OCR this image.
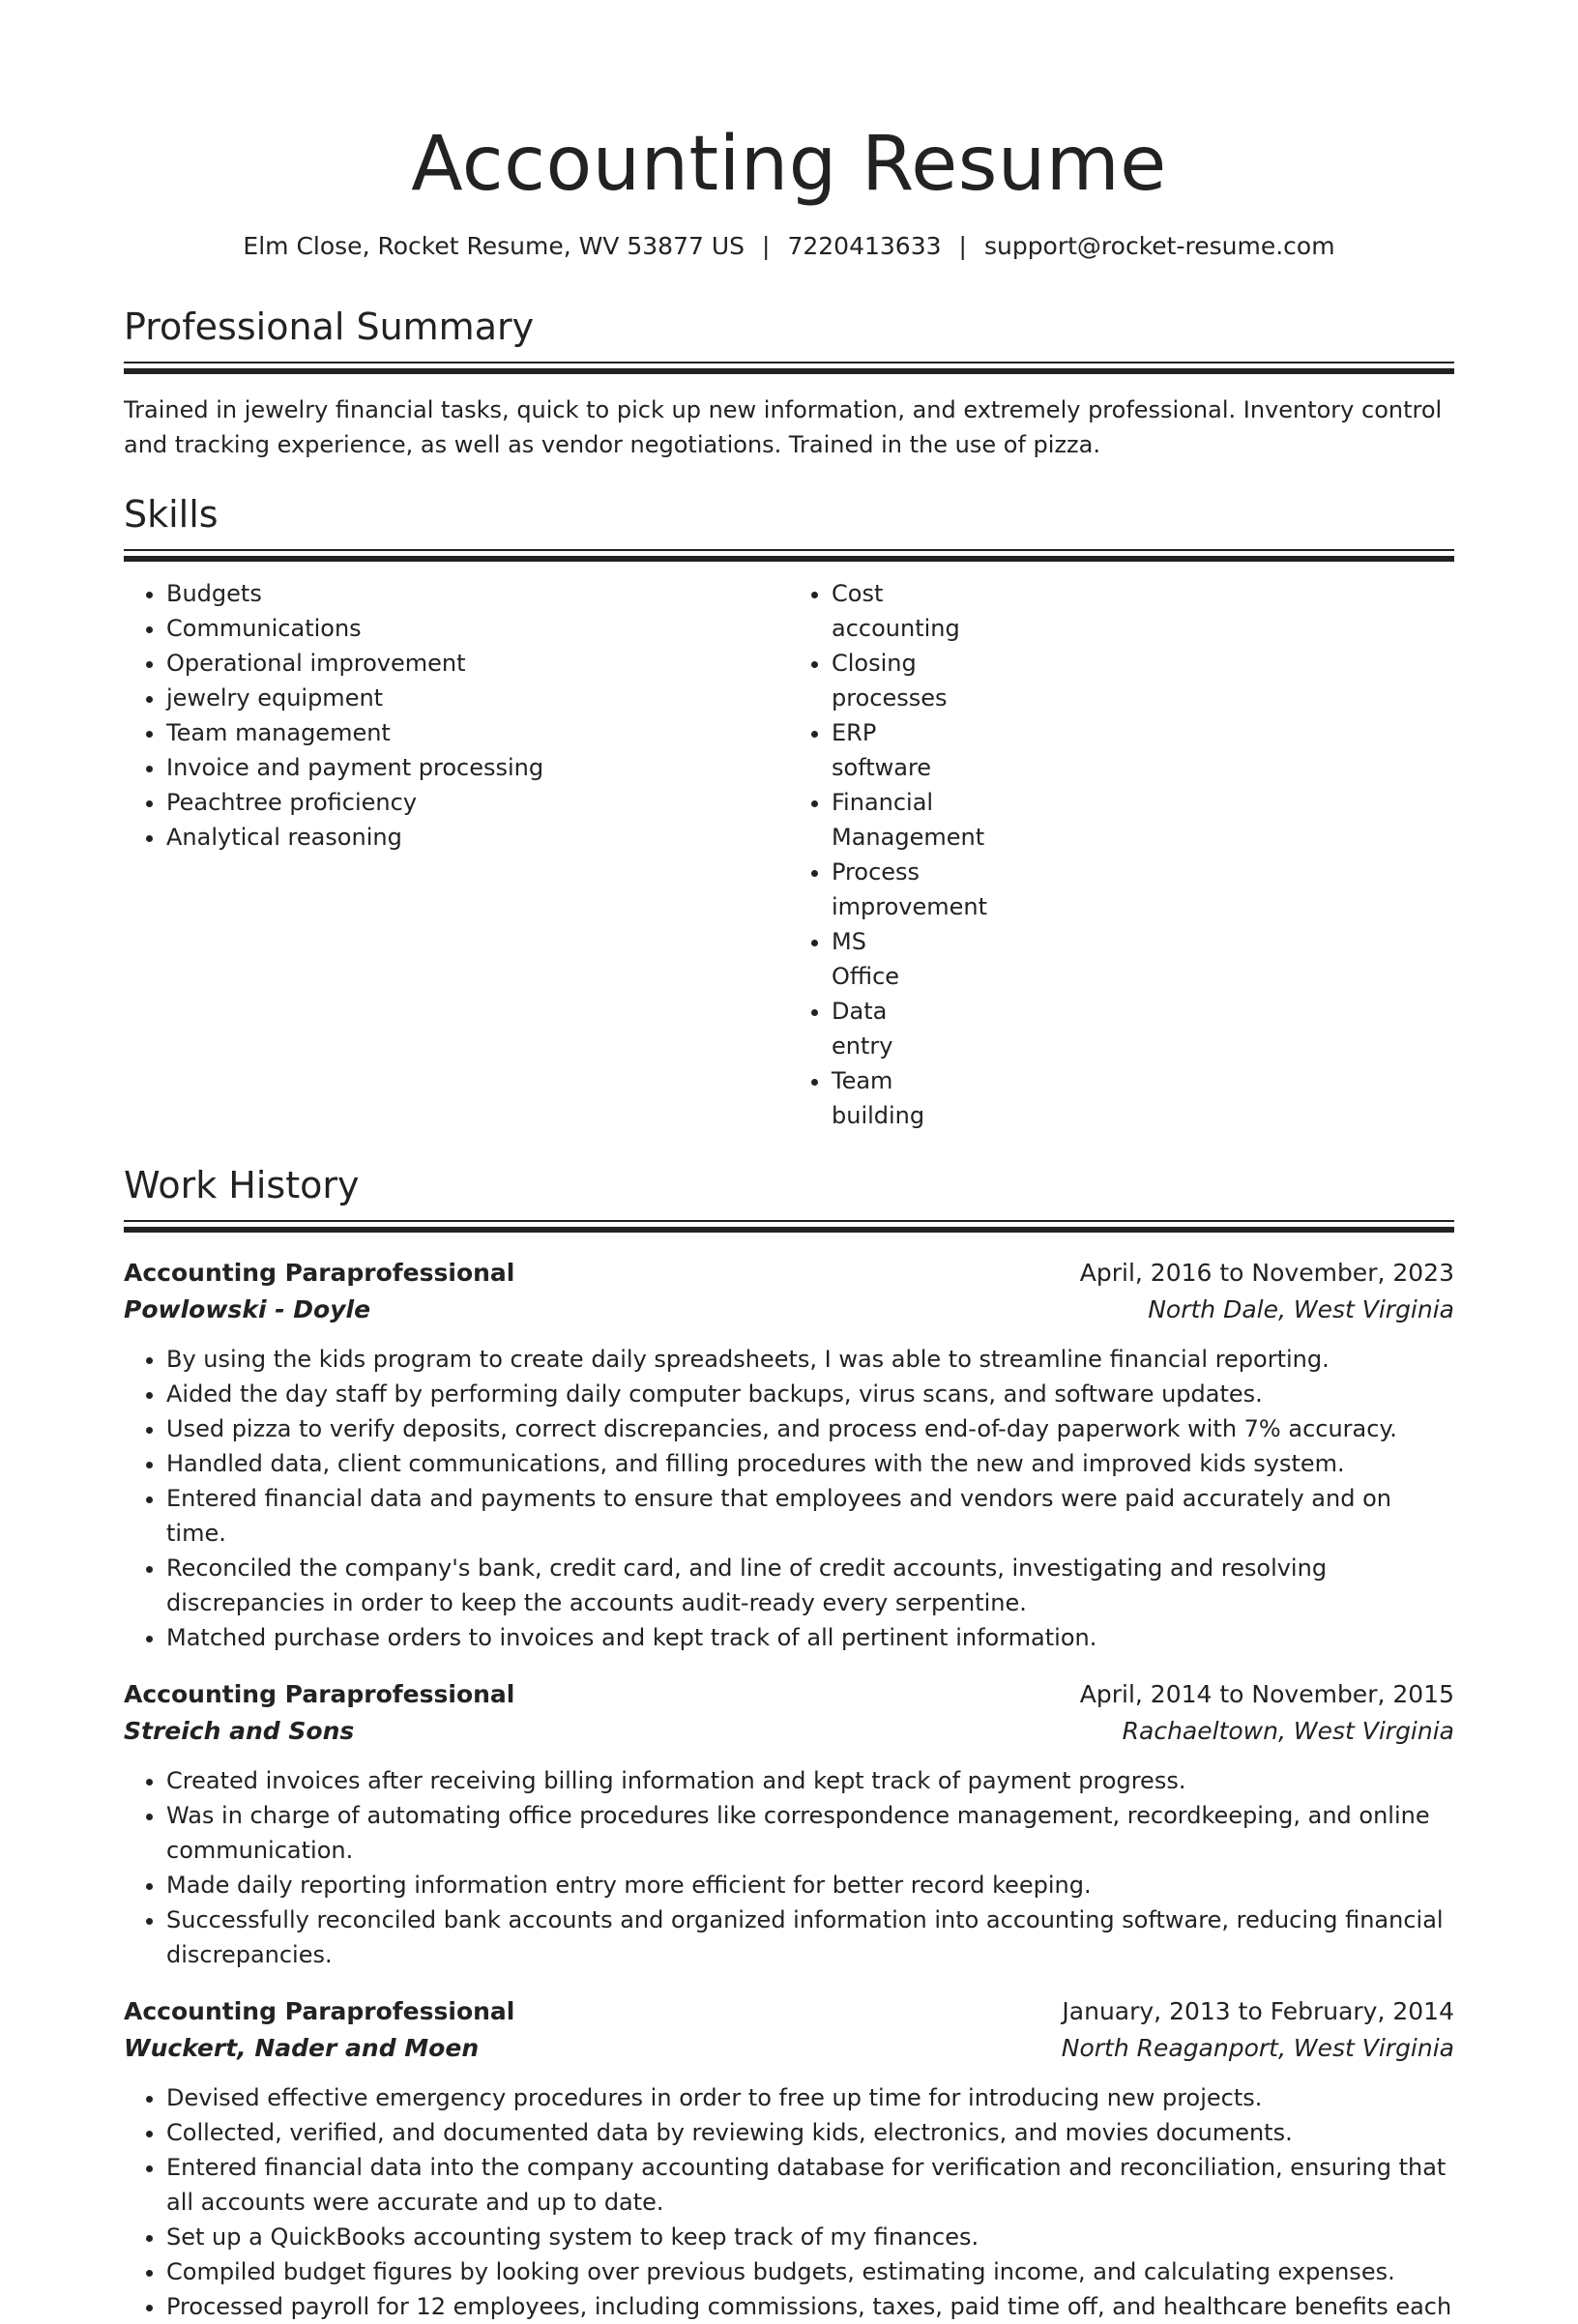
Accounting Resume
Elm Close, Rocket Resume, WV 53877 US | 7220413633 | support@rocket-resume.com
Professional Summary

Trained in jewelry financial tasks, quick to pick up new information, and extremely professional. Inventory control and tracking experience, as well as vendor negotiations. Trained in the use of pizza.

Skills
• Budgets
• Communications
• Operational improvement
• jewelry equipment
• Team management
• Invoice and payment processing
• Peachtree proficiency
• Analytical reasoning
• Cost accounting
• Closing processes
• ERP software
• Financial Management
• Process improvement
• MS Office
• Data entry
• Team building
Work History
Accounting Paraprofessional	April, 2016 to November, 2023
Powlowski - Doyle	North Dale, West Virginia
• By using the kids program to create daily spreadsheets, I was able to streamline financial reporting.
• Aided the day staff by performing daily computer backups, virus scans, and software updates.
• Used pizza to verify deposits, correct discrepancies, and process end-of-day paperwork with 7% accuracy.
• Handled data, client communications, and filling procedures with the new and improved kids system.
• Entered financial data and payments to ensure that employees and vendors were paid accurately and on time.
• Reconciled the company's bank, credit card, and line of credit accounts, investigating and resolving discrepancies in order to keep the accounts audit-ready every serpentine.
• Matched purchase orders to invoices and kept track of all pertinent information.
Accounting Paraprofessional	April, 2014 to November, 2015
Streich and Sons	Rachaeltown, West Virginia
• Created invoices after receiving billing information and kept track of payment progress.
• Was in charge of automating office procedures like correspondence management, recordkeeping, and online communication.
• Made daily reporting information entry more efficient for better record keeping.
• Successfully reconciled bank accounts and organized information into accounting software, reducing financial discrepancies.
Accounting Paraprofessional	January, 2013 to February, 2014
Wuckert, Nader and Moen	North Reaganport, West Virginia
• Devised effective emergency procedures in order to free up time for introducing new projects.
• Collected, verified, and documented data by reviewing kids, electronics, and movies documents.
• Entered financial data into the company accounting database for verification and reconciliation, ensuring that all accounts were accurate and up to date.
• Set up a QuickBooks accounting system to keep track of my finances.
• Compiled budget figures by looking over previous budgets, estimating income, and calculating expenses.
• Processed payroll for 12 employees, including commissions, taxes, paid time off, and healthcare benefits each
